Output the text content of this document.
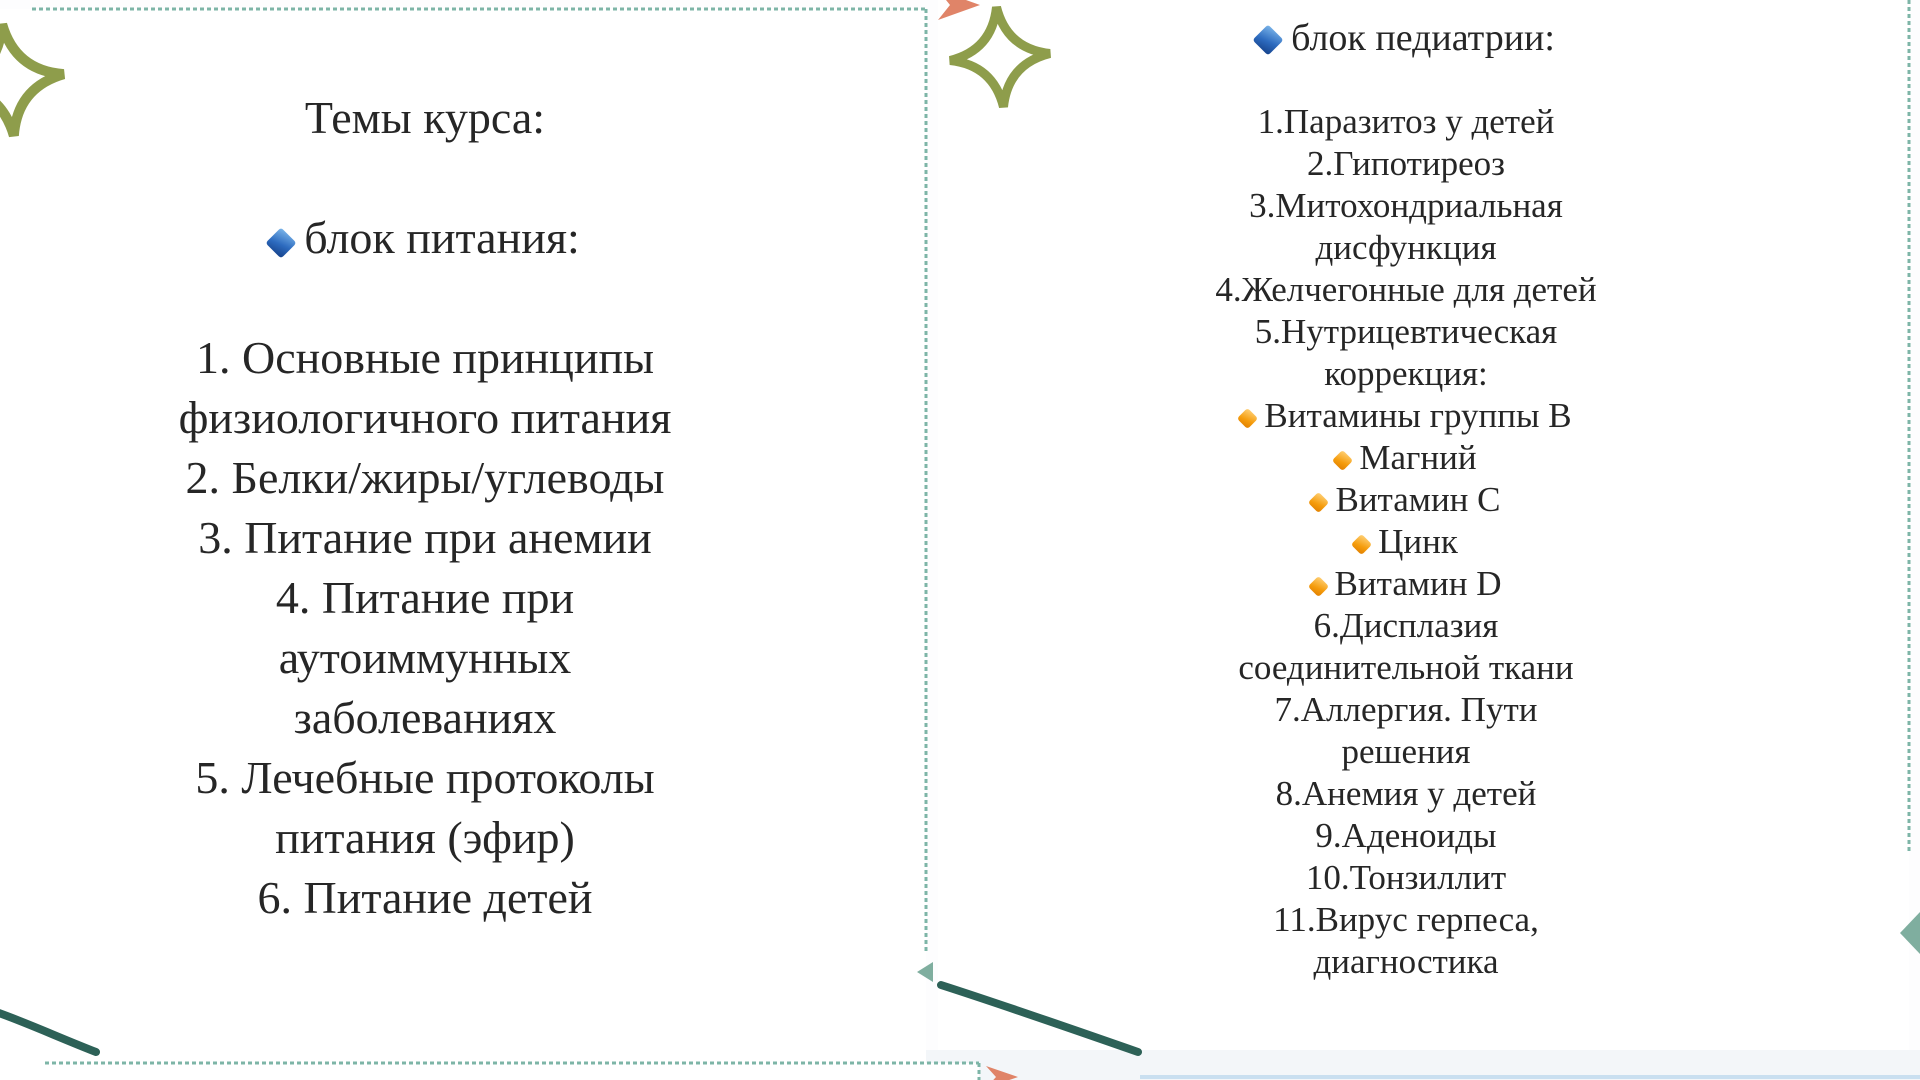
Темы курса:

блок питания:

1. Основные принципы
физиологичного питания
2. Белки/жиры/углеводы
3. Питание при анемии
4. Питание при
аутоиммунных
заболеваниях
5. Лечебные протоколы
питания (эфир)
6. Питание детей
блок педиатрии:

1.Паразитоз у детей
2.Гипотиреоз
3.Митохондриальная
дисфункция
4.Желчегонные для детей
5.Нутрицевтическая
коррекция:
Витамины группы В
Магний
Витамин C
Цинк
Витамин D
6.Дисплазия
соединительной ткани
7.Аллергия. Пути
решения
8.Анемия у детей
9.Аденоиды
10.Тонзиллит
11.Вирус герпеса,
диагностика
